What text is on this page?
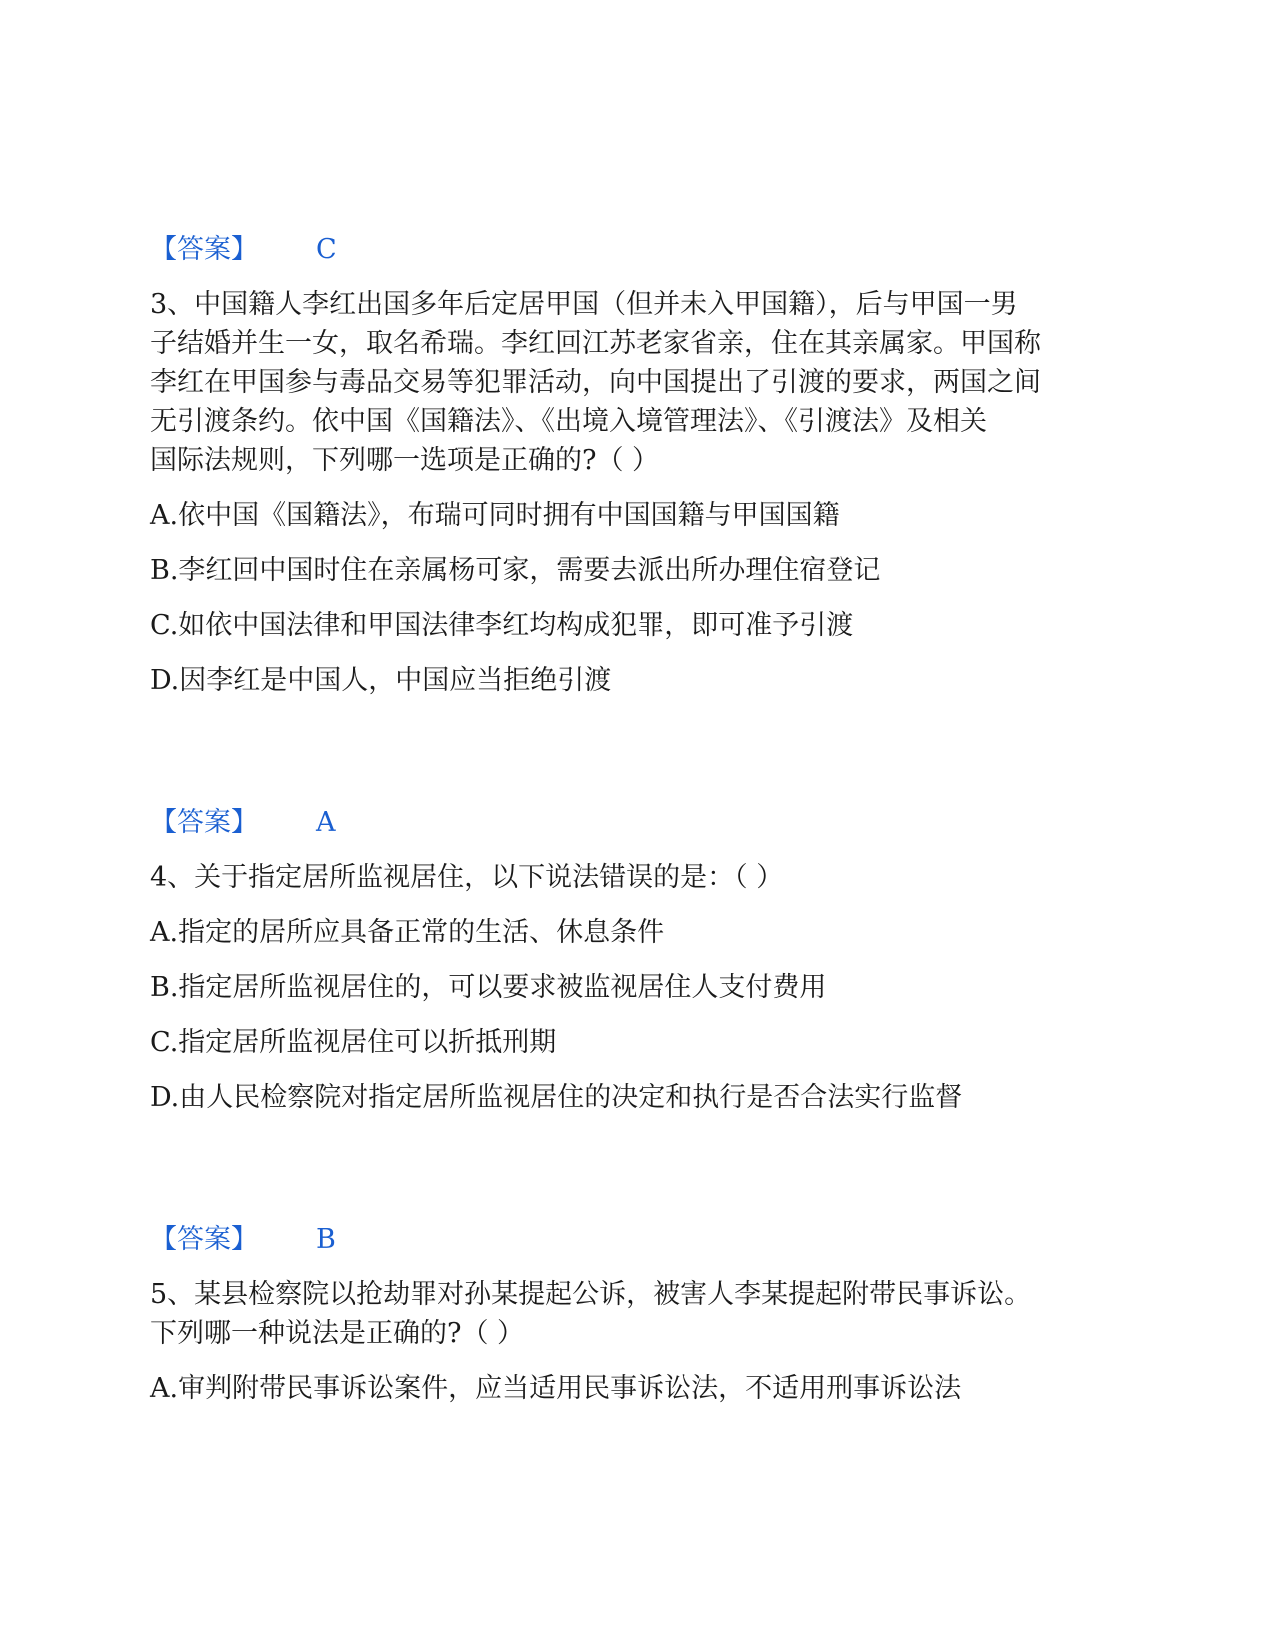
【答案】 C
3、中国籍人李红出国多年后定居甲国（但并未入甲国籍），后与甲国一男
子结婚并生一女，取名希瑞。李红回江苏老家省亲，住在其亲属家。甲国称
李红在甲国参与毒品交易等犯罪活动，向中国提出了引渡的要求，两国之间
无引渡条约。依中国《国籍法》、《出境入境管理法》、《引渡法》及相关
国际法规则，下列哪一选项是正确的?（ ）
A.依中国《国籍法》，布瑞可同时拥有中国国籍与甲国国籍
B.李红回中国时住在亲属杨可家，需要去派出所办理住宿登记
C.如依中国法律和甲国法律李红均构成犯罪，即可准予引渡
D.因李红是中国人，中国应当拒绝引渡
【答案】 A
4、关于指定居所监视居住，以下说法错误的是：（ ）
A.指定的居所应具备正常的生活、休息条件
B.指定居所监视居住的，可以要求被监视居住人支付费用
C.指定居所监视居住可以折抵刑期
D.由人民检察院对指定居所监视居住的决定和执行是否合法实行监督
【答案】 B
5、某县检察院以抢劫罪对孙某提起公诉，被害人李某提起附带民事诉讼。
下列哪一种说法是正确的?（ ）
A.审判附带民事诉讼案件，应当适用民事诉讼法，不适用刑事诉讼法
